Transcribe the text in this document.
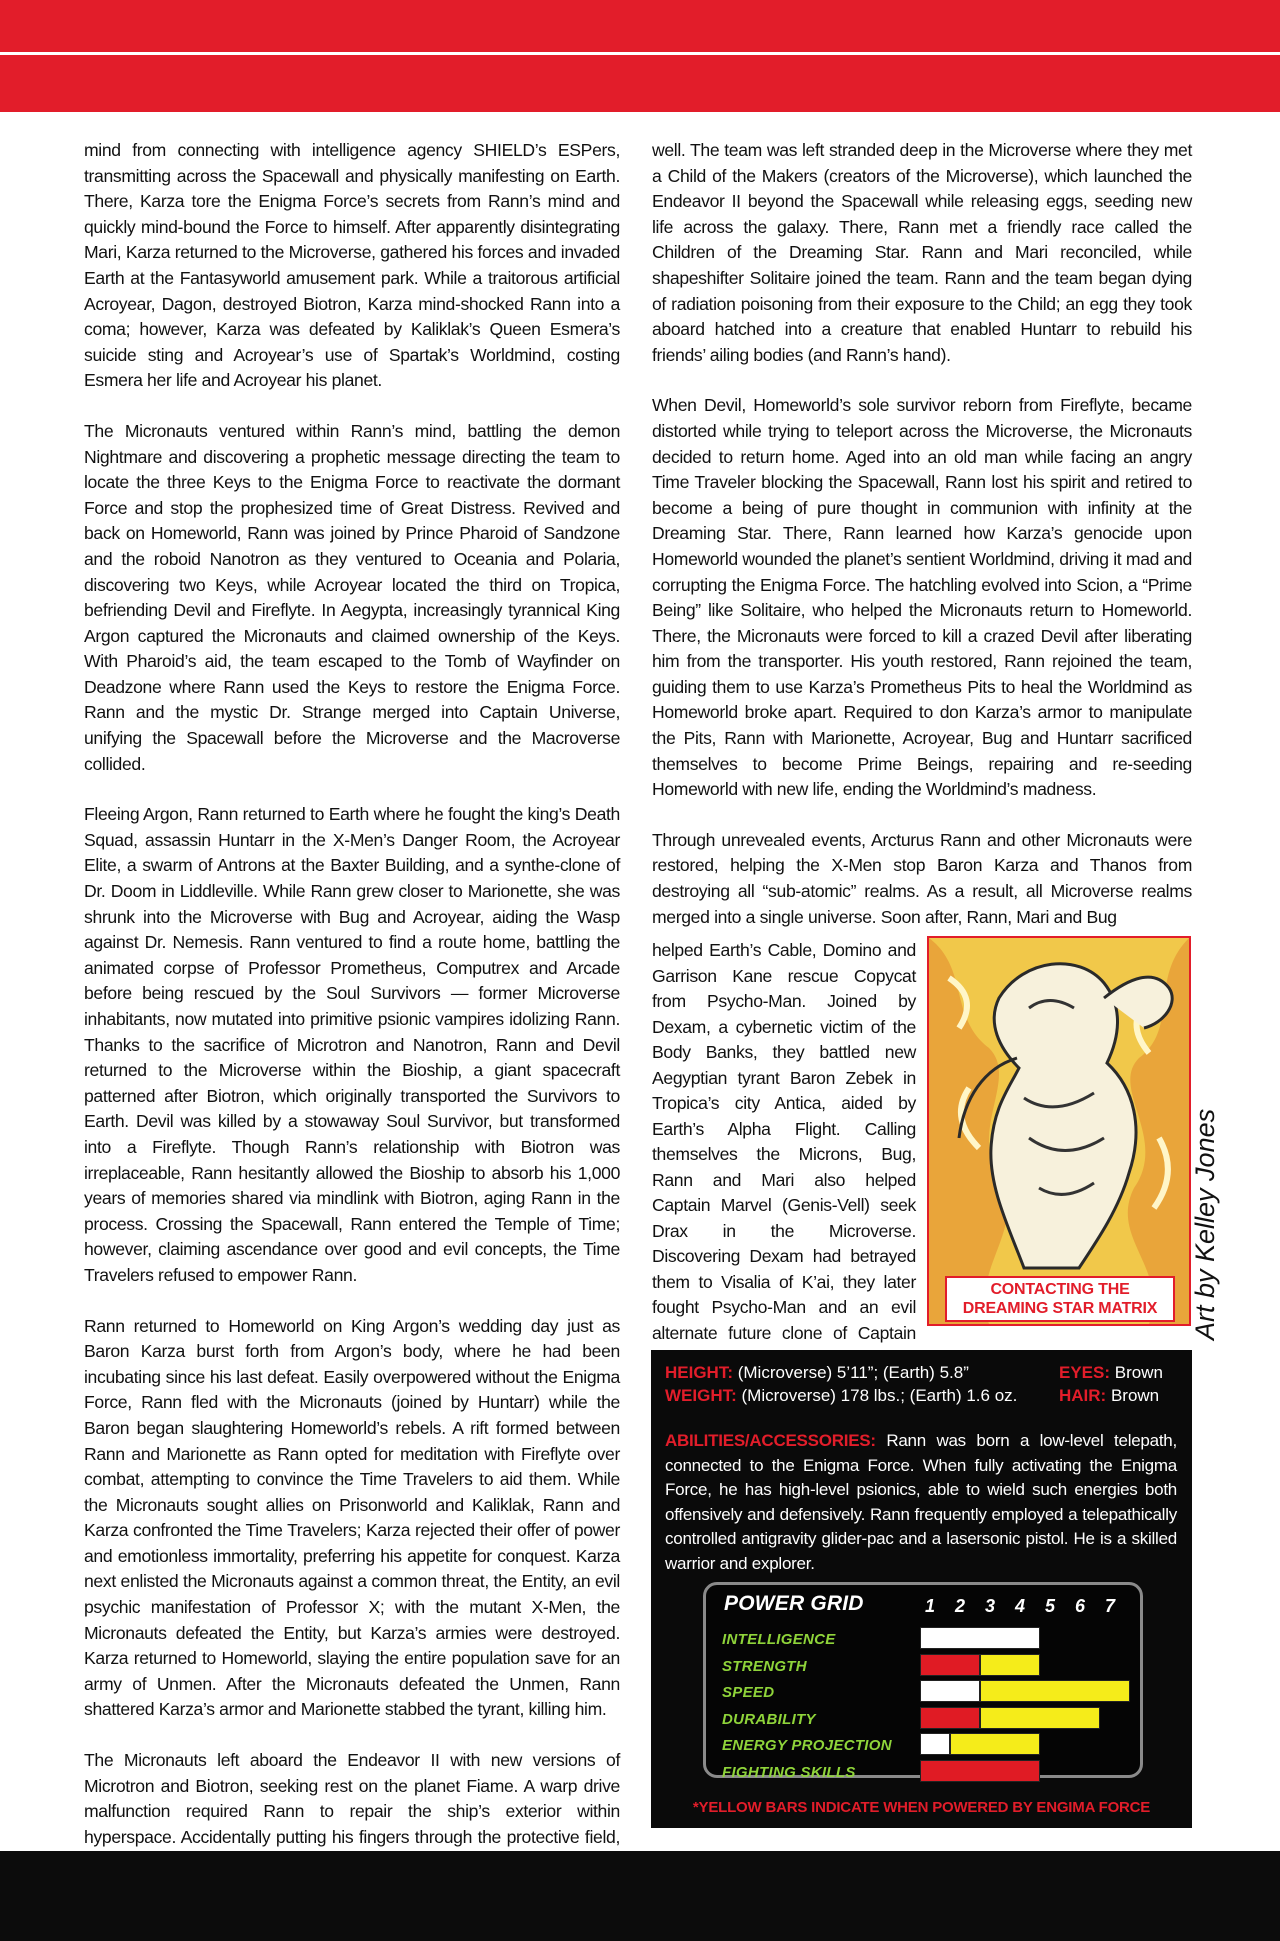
mind from connecting with intelligence agency SHIELD’s ESPers, transmitting across the Spacewall and physically manifesting on Earth. There, Karza tore the Enigma Force’s secrets from Rann’s mind and quickly mind-bound the Force to himself. After apparently disintegrating Mari, Karza returned to the Microverse, gathered his forces and invaded Earth at the Fantasyworld amusement park. While a traitorous artificial Acroyear, Dagon, destroyed Biotron, Karza mind-shocked Rann into a coma; however, Karza was defeated by Kaliklak’s Queen Esmera’s suicide sting and Acroyear’s use of Spartak’s Worldmind, costing Esmera her life and Acroyear his planet.

The Micronauts ventured within Rann’s mind, battling the demon Nightmare and discovering a prophetic message directing the team to locate the three Keys to the Enigma Force to reactivate the dormant Force and stop the prophesized time of Great Distress. Revived and back on Homeworld, Rann was joined by Prince Pharoid of Sandzone and the roboid Nanotron as they ventured to Oceania and Polaria, discovering two Keys, while Acroyear located the third on Tropica, befriending Devil and Fireflyte. In Aegypta, increasingly tyrannical King Argon captured the Micronauts and claimed ownership of the Keys. With Pharoid’s aid, the team escaped to the Tomb of Wayfinder on Deadzone where Rann used the Keys to restore the Enigma Force. Rann and the mystic Dr. Strange merged into Captain Universe, unifying the Spacewall before the Microverse and the Macroverse collided.

Fleeing Argon, Rann returned to Earth where he fought the king’s Death Squad, assassin Huntarr in the X-Men’s Danger Room, the Acroyear Elite, a swarm of Antrons at the Baxter Building, and a synthe-clone of Dr. Doom in Liddleville. While Rann grew closer to Marionette, she was shrunk into the Microverse with Bug and Acroyear, aiding the Wasp against Dr. Nemesis. Rann ventured to find a route home, battling the animated corpse of Professor Prometheus, Computrex and Arcade before being rescued by the Soul Survivors — former Microverse inhabitants, now mutated into primitive psionic vampires idolizing Rann. Thanks to the sacrifice of Microtron and Nanotron, Rann and Devil returned to the Microverse within the Bioship, a giant spacecraft patterned after Biotron, which originally transported the Survivors to Earth. Devil was killed by a stowaway Soul Survivor, but transformed into a Fireflyte. Though Rann’s relationship with Biotron was irreplaceable, Rann hesitantly allowed the Bioship to absorb his 1,000 years of memories shared via mindlink with Biotron, aging Rann in the process. Crossing the Spacewall, Rann entered the Temple of Time; however, claiming ascendance over good and evil concepts, the Time Travelers refused to empower Rann.

Rann returned to Homeworld on King Argon’s wedding day just as Baron Karza burst forth from Argon’s body, where he had been incubating since his last defeat. Easily overpowered without the Enigma Force, Rann fled with the Micronauts (joined by Huntarr) while the Baron began slaughtering Homeworld’s rebels. A rift formed between Rann and Marionette as Rann opted for meditation with Fireflyte over combat, attempting to convince the Time Travelers to aid them. While the Micronauts sought allies on Prisonworld and Kaliklak, Rann and Karza confronted the Time Travelers; Karza rejected their offer of power and emotionless immortality, preferring his appetite for conquest. Karza next enlisted the Micronauts against a common threat, the Entity, an evil psychic manifestation of Professor X; with the mutant X-Men, the Micronauts defeated the Entity, but Karza’s armies were destroyed. Karza returned to Homeworld, slaying the entire population save for an army of Unmen. After the Micronauts defeated the Unmen, Rann shattered Karza’s armor and Marionette stabbed the tyrant, killing him.

The Micronauts left aboard the Endeavor II with new versions of Microtron and Biotron, seeking rest on the planet Fiame. A warp drive malfunction required Rann to repair the ship’s exterior within hyperspace. Accidentally putting his fingers through the protective field,

well. The team was left stranded deep in the Microverse where they met a Child of the Makers (creators of the Microverse), which launched the Endeavor II beyond the Spacewall while releasing eggs, seeding new life across the galaxy. There, Rann met a friendly race called the Children of the Dreaming Star. Rann and Mari reconciled, while shapeshifter Solitaire joined the team. Rann and the team began dying of radiation poisoning from their exposure to the Child; an egg they took aboard hatched into a creature that enabled Huntarr to rebuild his friends’ ailing bodies (and Rann’s hand).

When Devil, Homeworld’s sole survivor reborn from Fireflyte, became distorted while trying to teleport across the Microverse, the Micronauts decided to return home. Aged into an old man while facing an angry Time Traveler blocking the Spacewall, Rann lost his spirit and retired to become a being of pure thought in communion with infinity at the Dreaming Star. There, Rann learned how Karza’s genocide upon Homeworld wounded the planet’s sentient Worldmind, driving it mad and corrupting the Enigma Force. The hatchling evolved into Scion, a “Prime Being” like Solitaire, who helped the Micronauts return to Homeworld. There, the Micronauts were forced to kill a crazed Devil after liberating him from the transporter. His youth restored, Rann rejoined the team, guiding them to use Karza’s Prometheus Pits to heal the Worldmind as Homeworld broke apart. Required to don Karza’s armor to manipulate the Pits, Rann with Marionette, Acroyear, Bug and Huntarr sacrificed themselves to become Prime Beings, repairing and re-seeding Homeworld with new life, ending the Worldmind’s madness.

Through unrevealed events, Arcturus Rann and other Micronauts were restored, helping the X-Men stop Baron Karza and Thanos from destroying all “sub-atomic” realms. As a result, all Microverse realms merged into a single universe. Soon after, Rann, Mari and Bug

helped Earth’s Cable, Domino and Garrison Kane rescue Copycat from Psycho-Man. Joined by Dexam, a cybernetic victim of the Body Banks, they battled new Aegyptian tyrant Baron Zebek in Tropica’s city Antica, aided by Earth’s Alpha Flight. Calling themselves the Microns, Bug, Rann and Mari also helped Captain Marvel (Genis-Vell) seek Drax in the Microverse. Discovering Dexam had betrayed them to Visalia of K’ai, they later fought Psycho-Man and an evil alternate future clone of Captain

CONTACTING THE
DREAMING STAR MATRIX	Art by Kelley Jones
HEIGHT: (Microverse) 5’11”; (Earth) 5.8”
WEIGHT: (Microverse) 178 lbs.; (Earth) 1.6 oz.
EYES: Brown
HAIR: Brown
ABILITIES/ACCESSORIES: Rann was born a low-level telepath, connected to the Enigma Force. When fully activating the Enigma Force, he has high-level psionics, able to wield such energies both offensively and defensively. Rann frequently employed a telepathically controlled antigravity glider-pac and a lasersonic pistol. He is a skilled warrior and explorer.
POWER GRID	1 2 3 4 5 6 7
INTELLIGENCE
STRENGTH
SPEED
DURABILITY
ENERGY PROJECTION
FIGHTING SKILLS
*YELLOW BARS INDICATE WHEN POWERED BY ENGIMA FORCE
